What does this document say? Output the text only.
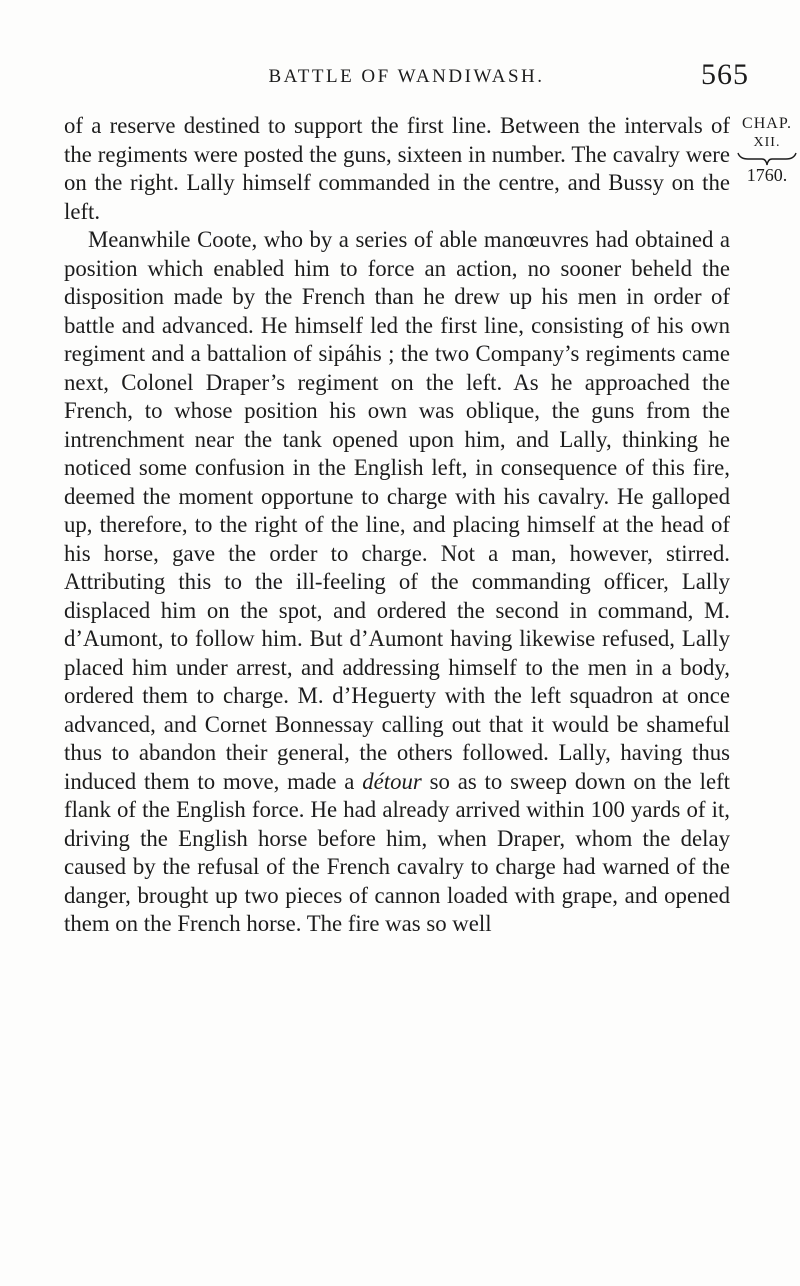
BATTLE OF WANDIWASH.	565
CHAP.
XII.
1760.

of a reserve destined to support the first line. Between the intervals of the regiments were posted the guns, sixteen in number. The cavalry were on the right. Lally himself commanded in the centre, and Bussy on the left.

Meanwhile Coote, who by a series of able manœuvres had obtained a position which enabled him to force an action, no sooner beheld the disposition made by the French than he drew up his men in order of battle and advanced. He himself led the first line, consisting of his own regiment and a battalion of sipáhis ; the two Company’s regiments came next, Colonel Draper’s regiment on the left. As he approached the French, to whose position his own was oblique, the guns from the intrenchment near the tank opened upon him, and Lally, thinking he noticed some confusion in the English left, in consequence of this fire, deemed the moment opportune to charge with his cavalry. He galloped up, therefore, to the right of the line, and placing himself at the head of his horse, gave the order to charge. Not a man, however, stirred. Attributing this to the ill-feeling of the commanding officer, Lally displaced him on the spot, and ordered the second in command, M. d’Aumont, to follow him. But d’Aumont having likewise refused, Lally placed him under arrest, and addressing himself to the men in a body, ordered them to charge. M. d’Heguerty with the left squadron at once advanced, and Cornet Bonnessay calling out that it would be shameful thus to abandon their general, the others followed. Lally, having thus induced them to move, made a détour so as to sweep down on the left flank of the English force. He had already arrived within 100 yards of it, driving the English horse before him, when Draper, whom the delay caused by the refusal of the French cavalry to charge had warned of the danger, brought up two pieces of cannon loaded with grape, and opened them on the French horse. The fire was so well
